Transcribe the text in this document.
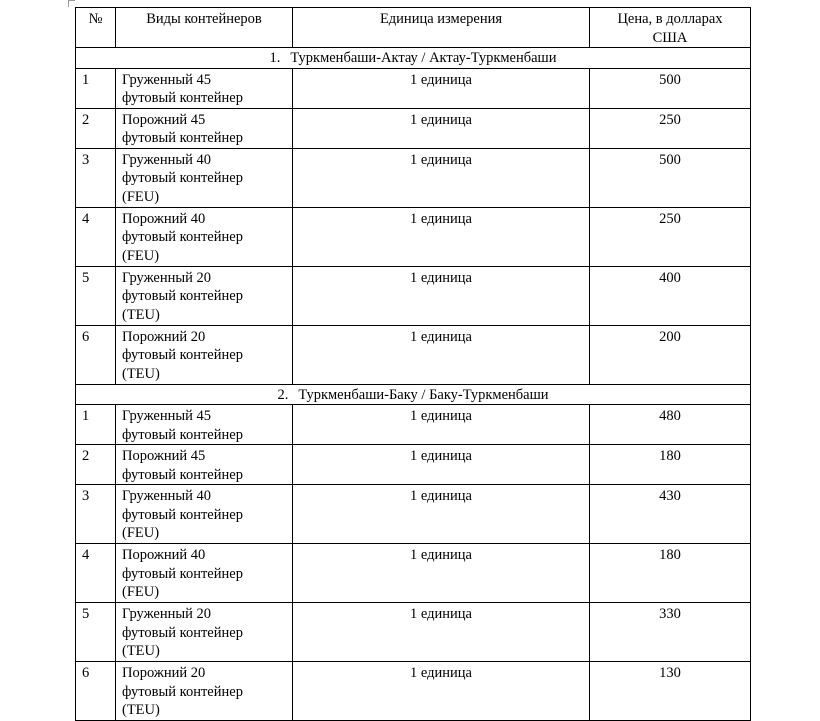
№	Виды контейнеров	Единица измерения	Цена, в долларах
США
1. Туркменбаши-Актау / Актау-Туркменбаши			
1	Груженный 45
футовый контейнер	1 единица	500
2	Порожний 45
футовый контейнер	1 единица	250
3	Груженный 40
футовый контейнер
(FEU)	1 единица	500
4	Порожний 40
футовый контейнер
(FEU)	1 единица	250
5	Груженный 20
футовый контейнер
(TEU)	1 единица	400
6	Порожний 20
футовый контейнер
(TEU)	1 единица	200
2. Туркменбаши-Баку / Баку-Туркменбаши			
1	Груженный 45
футовый контейнер	1 единица	480
2	Порожний 45
футовый контейнер	1 единица	180
3	Груженный 40
футовый контейнер
(FEU)	1 единица	430
4	Порожний 40
футовый контейнер
(FEU)	1 единица	180
5	Груженный 20
футовый контейнер
(TEU)	1 единица	330
6	Порожний 20
футовый контейнер
(TEU)	1 единица	130
